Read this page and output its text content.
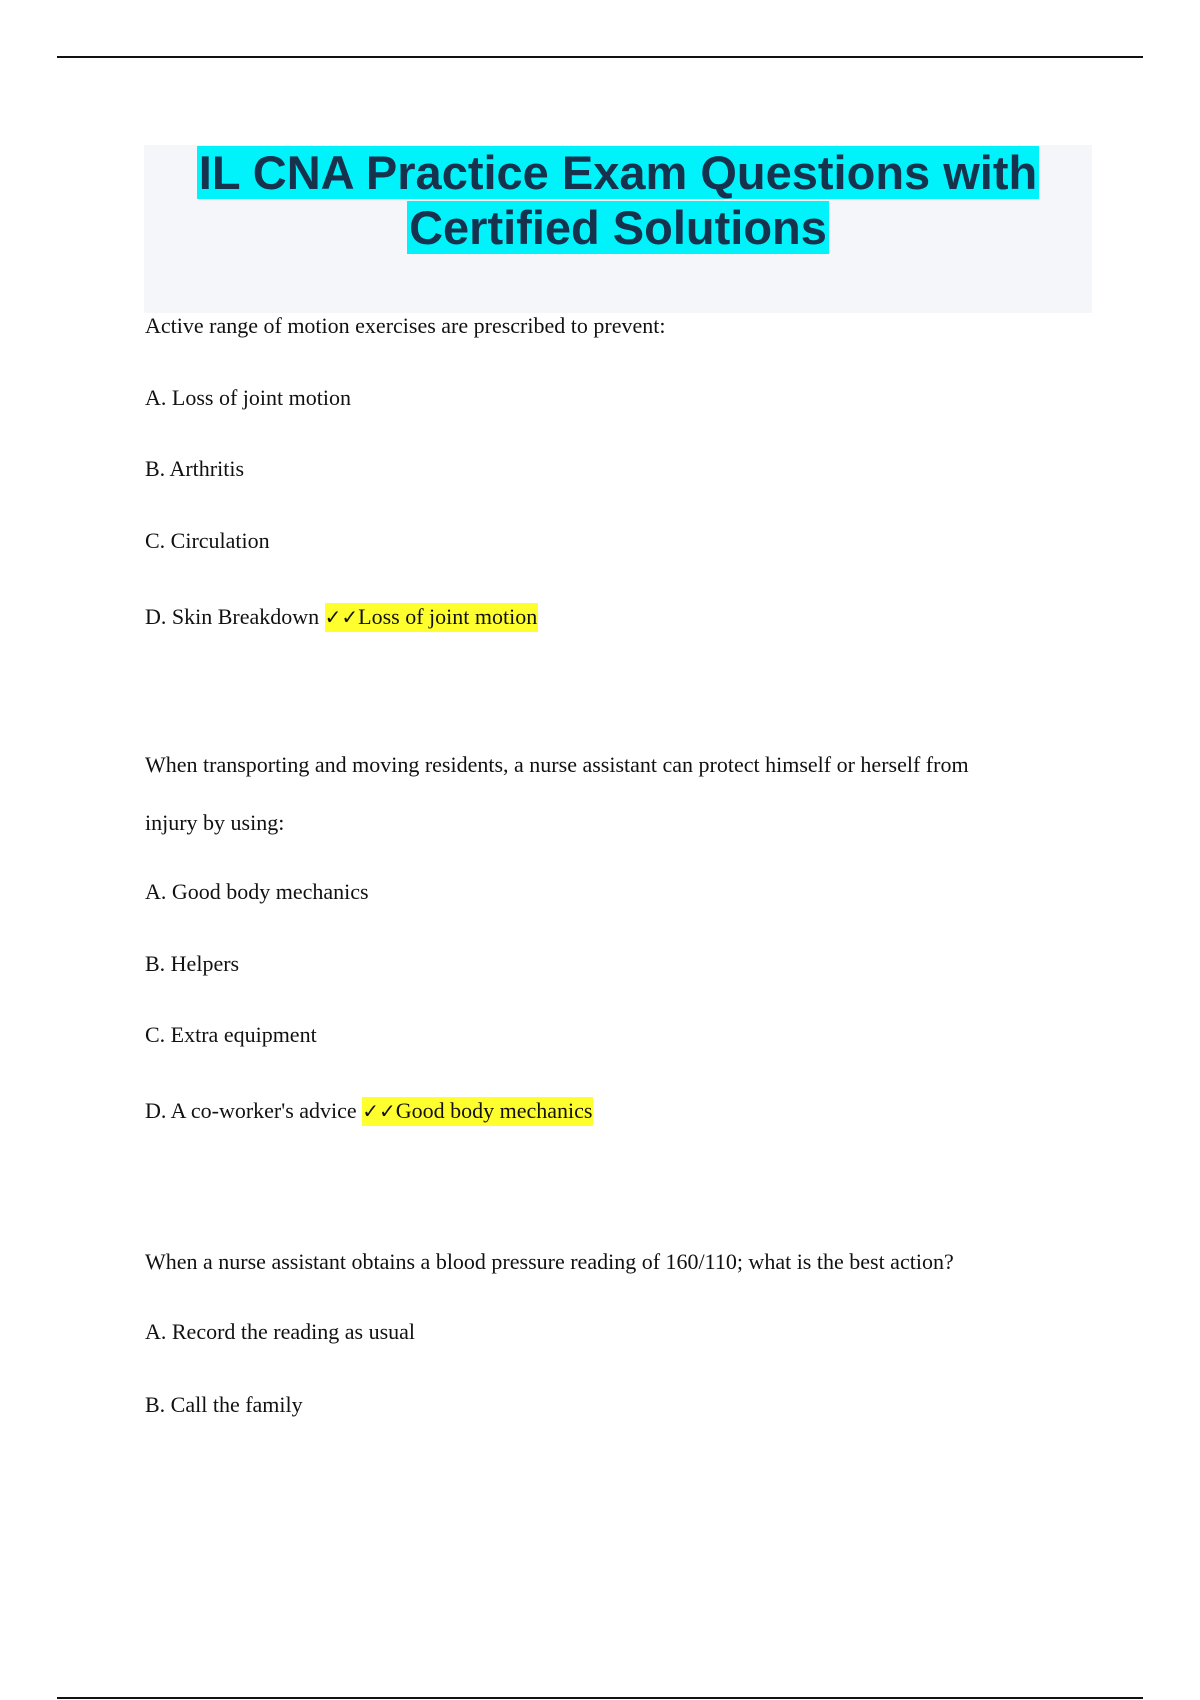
IL CNA Practice Exam Questions with
Certified Solutions

Active range of motion exercises are prescribed to prevent:

A. Loss of joint motion

B. Arthritis

C. Circulation

D. Skin Breakdown ✓✓Loss of joint motion

When transporting and moving residents, a nurse assistant can protect himself or herself from

injury by using:

A. Good body mechanics

B. Helpers

C. Extra equipment

D. A co-worker's advice ✓✓Good body mechanics

When a nurse assistant obtains a blood pressure reading of 160/110; what is the best action?

A. Record the reading as usual

B. Call the family
